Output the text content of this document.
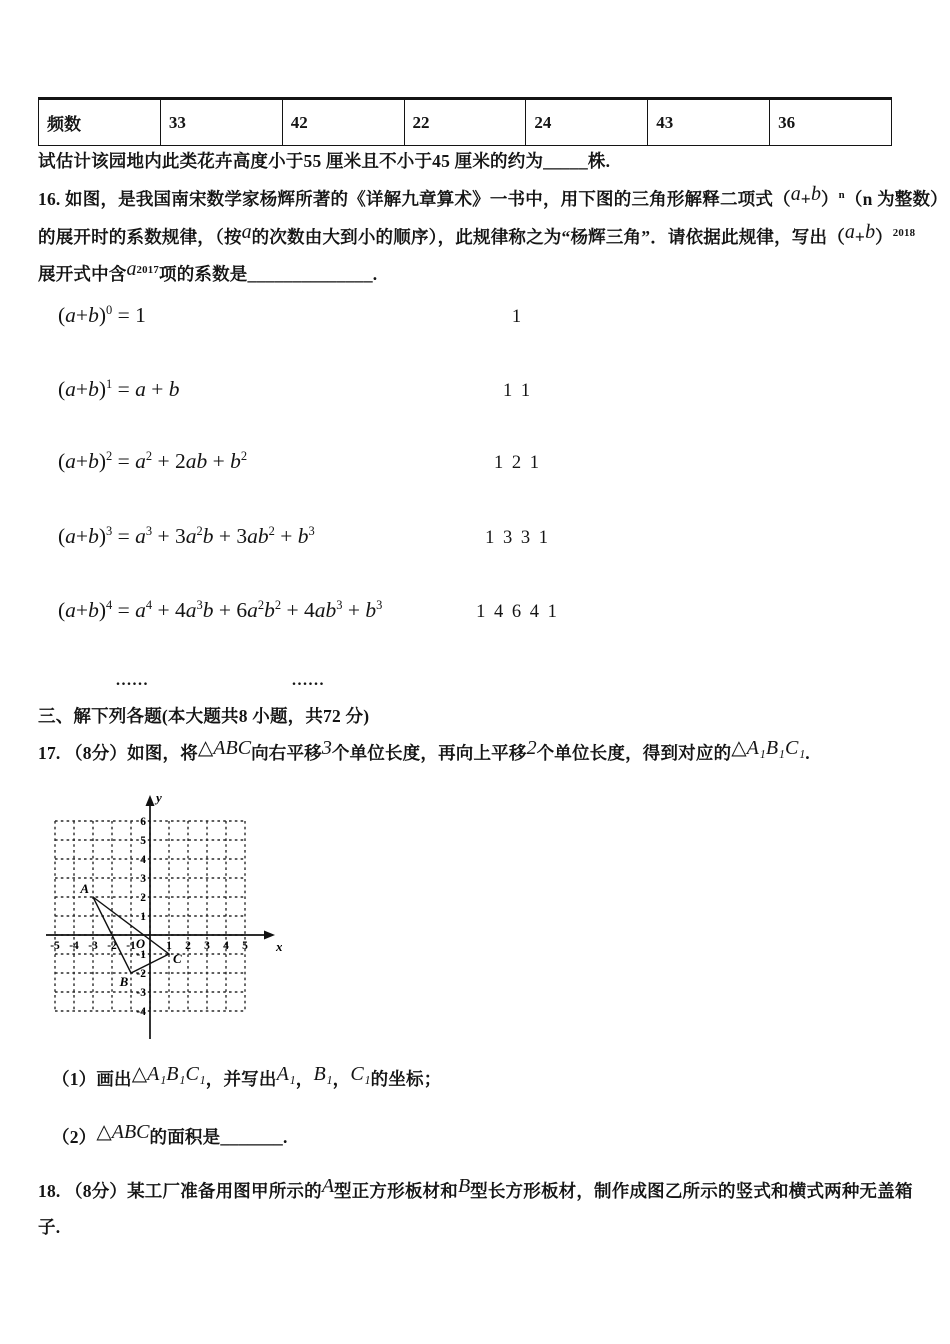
频数	33	42	22	24	43	36
试估计该园地内此类花卉高度小于55 厘米且不小于45 厘米的约为_____株.
16. 如图，是我国南宋数学家杨辉所著的《详解九章算术》一书中，用下图的三角形解释二项式$(a+b)^n(n$ 为整数）
的展开时的系数规律，（按a的次数由大到小的顺序），此规律称之为“杨辉三角”．请依据此规律，写出$(a+b)^{2018}$
展开式中含$a^{2017}$项的系数是______________.
$(a+b)^0 = 1$	1
$(a+b)^1 = a + b$	1 1
$(a+b)^2 = a^2 + 2ab + b^2$	1 2 1
$(a+b)^3 = a^3 + 3a^2b + 3ab^2 + b^3$	1 3 3 1
$(a+b)^4 = a^4 + 4a^3b + 6a^2b^2 + 4ab^3 + b^3$	1 4 6 4 1
......	......
三、解下列各题(本大题共8 小题，共72 分)
17. （8分）如图，将△ABC向右平移3个单位长度，再向上平移2个单位长度，得到对应的△A₁B₁C₁.
-5 -4 -3 -2 -1	1 2 3 4 5
-4
-3
-2
-1
1
2
3
4
5
6
O	x
y
A
B
C
（1）画出△A₁B₁C₁，并写出A₁，B₁，C₁的坐标；
（2）△ABC的面积是_______.
18. （8分）某工厂准备用图甲所示的A型正方形板材和B型长方形板材，制作成图乙所示的竖式和横式两种无盖箱
子.
